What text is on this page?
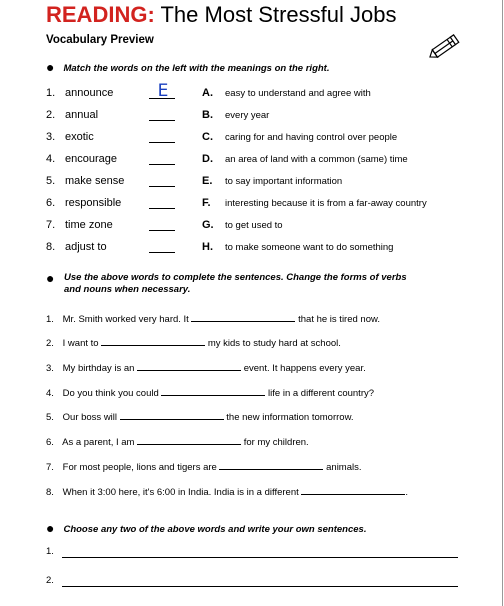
READING: The Most Stressful Jobs
Vocabulary Preview
● Match the words on the left with the meanings on the right.
1. announce	E	A. easy to understand and agree with
2. annual	B. every year
3. exotic	C. caring for and having control over people
4. encourage	D. an area of land with a common (same) time
5. make sense	E. to say important information
6. responsible	F. interesting because it is from a far-away country
7. time zone	G. to get used to
8. adjust to	H. to make someone want to do something
● Use the above words to complete the sentences. Change the forms of verbs
and nouns when necessary.
1. Mr. Smith worked very hard. It	that he is tired now.
2. I want to	my kids to study hard at school.
3. My birthday is an	event. It happens every year.
4. Do you think you could	life in a different country?
5. Our boss will	the new information tomorrow.
6. As a parent, I am	for my children.
7. For most people, lions and tigers are	animals.
8. When it 3:00 here, it's 6:00 in India. India is in a different	.
● Choose any two of the above words and write your own sentences.
1.
2.
